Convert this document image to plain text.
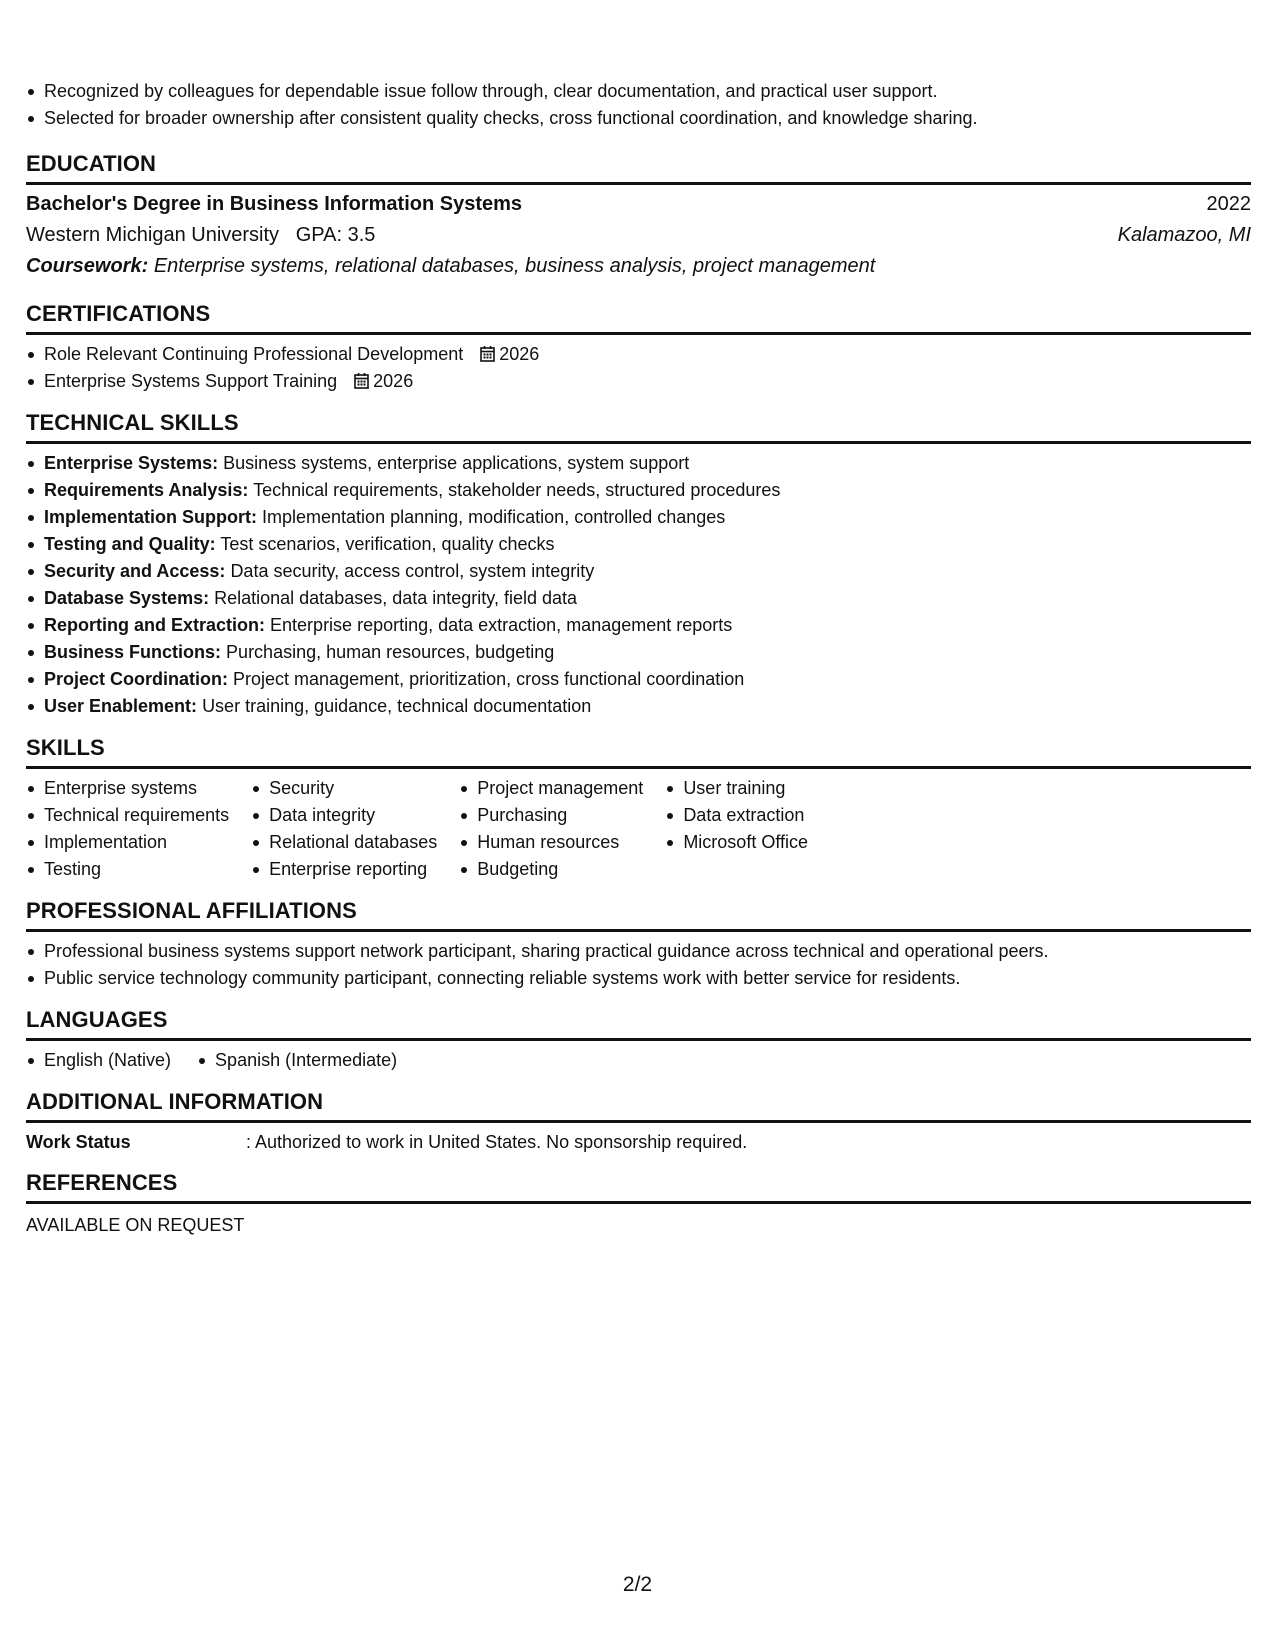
Recognized by colleagues for dependable issue follow through, clear documentation, and practical user support.
Selected for broader ownership after consistent quality checks, cross functional coordination, and knowledge sharing.
EDUCATION
Bachelor's Degree in Business Information Systems	2022
Western Michigan University GPA: 3.5	Kalamazoo, MI
Coursework: Enterprise systems, relational databases, business analysis, project management
CERTIFICATIONS
Role Relevant Continuing Professional Development 2026
Enterprise Systems Support Training 2026
TECHNICAL SKILLS
Enterprise Systems: Business systems, enterprise applications, system support
Requirements Analysis: Technical requirements, stakeholder needs, structured procedures
Implementation Support: Implementation planning, modification, controlled changes
Testing and Quality: Test scenarios, verification, quality checks
Security and Access: Data security, access control, system integrity
Database Systems: Relational databases, data integrity, field data
Reporting and Extraction: Enterprise reporting, data extraction, management reports
Business Functions: Purchasing, human resources, budgeting
Project Coordination: Project management, prioritization, cross functional coordination
User Enablement: User training, guidance, technical documentation
SKILLS
Enterprise systems
Technical requirements
Implementation
Testing
Security
Data integrity
Relational databases
Enterprise reporting
Project management
Purchasing
Human resources
Budgeting
User training
Data extraction
Microsoft Office
PROFESSIONAL AFFILIATIONS
Professional business systems support network participant, sharing practical guidance across technical and operational peers.
Public service technology community participant, connecting reliable systems work with better service for residents.
LANGUAGES
English (Native) Spanish (Intermediate)
ADDITIONAL INFORMATION
Work Status	: Authorized to work in United States. No sponsorship required.
REFERENCES
AVAILABLE ON REQUEST
2/2
